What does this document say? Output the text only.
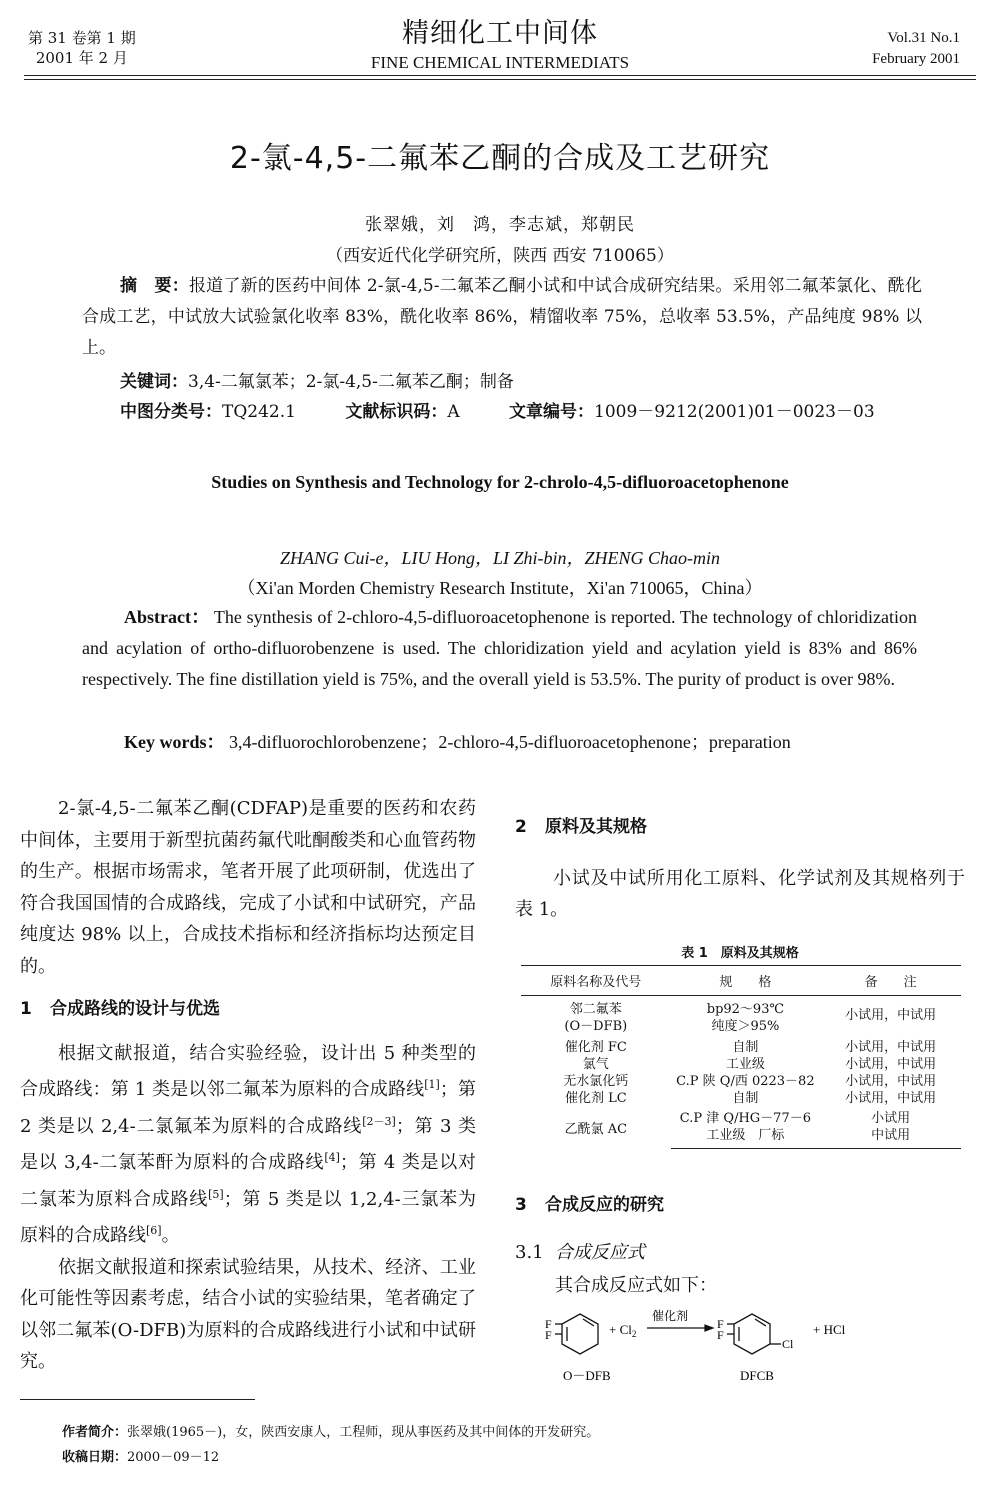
第 31 卷第 1 期
2001 年 2 月
精细化工中间体
FINE CHEMICAL INTERMEDIATS
Vol.31 No.1
February 2001
2-氯-4,5-二氟苯乙酮的合成及工艺研究
张翠娥，刘　鸿，李志斌，郑朝民
（西安近代化学研究所，陕西 西安 710065）
摘　要：报道了新的医药中间体 2-氯-4,5-二氟苯乙酮小试和中试合成研究结果。采用邻二氟苯氯化、酰化合成工艺，中试放大试验氯化收率 83%，酰化收率 86%，精馏收率 75%，总收率 53.5%，产品纯度 98% 以上。
关键词：3,4-二氟氯苯；2-氯-4,5-二氟苯乙酮；制备
中图分类号：TQ242.1	文献标识码：A	文章编号：1009－9212(2001)01－0023－03
Studies on Synthesis and Technology for 2-chrolo-4,5-difluoroacetophenone
ZHANG Cui-e，LIU Hong，LI Zhi-bin，ZHENG Chao-min
（Xi'an Morden Chemistry Research Institute，Xi'an 710065，China）
Abstract： The synthesis of 2-chloro-4,5-difluoroacetophenone is reported. The technology of chloridization and acylation of ortho-difluorobenzene is used. The chloridization yield and acylation yield is 83% and 86% respectively. The fine distillation yield is 75%, and the overall yield is 53.5%. The purity of product is over 98%.
Key words： 3,4-difluorochlorobenzene；2-chloro-4,5-difluoroacetophenone；preparation

2-氯-4,5-二氟苯乙酮(CDFAP)是重要的医药和农药中间体，主要用于新型抗菌药氟代吡酮酸类和心血管药物的生产。根据市场需求，笔者开展了此项研制，优选出了符合我国国情的合成路线，完成了小试和中试研究，产品纯度达 98% 以上，合成技术指标和经济指标均达预定目的。

1 合成路线的设计与优选

根据文献报道，结合实验经验，设计出 5 种类型的合成路线：第 1 类是以邻二氟苯为原料的合成路线[1]；第 2 类是以 2,4-二氯氟苯为原料的合成路线[2－3]；第 3 类是以 3,4-二氯苯酐为原料的合成路线[4]；第 4 类是以对二氯苯为原料合成路线[5]；第 5 类是以 1,2,4-三氯苯为原料的合成路线[6]。

依据文献报道和探索试验结果，从技术、经济、工业化可能性等因素考虑，结合小试的实验结果，笔者确定了以邻二氟苯(O-DFB)为原料的合成路线进行小试和中试研究。

2 原料及其规格

小试及中试所用化工原料、化学试剂及其规格列于表 1。

表 1　原料及其规格
原料名称及代号	规　　格	备　　注
邻二氟苯	bp92～93℃	小试用，中试用
(O－DFB)	纯度＞95%	
催化剂 FC	自制	小试用，中试用
氯气	工业级	小试用，中试用
无水氯化钙	C.P 陕 Q/西 0223－82	小试用，中试用
催化剂 LC	自制	小试用，中试用
乙酰氯 AC	C.P 津 Q/HG－77－6	小试用
	工业级　厂标	中试用
3 合成反应的研究
3.1 合成反应式
其合成反应式如下：
F
F	+ $Cl_2$
催化剂
F
F
Cl
+ HCl
O－DFB	DFCB
作者简介：张翠娥(1965－)，女，陕西安康人，工程师，现从事医药及其中间体的开发研究。
收稿日期：2000－09－12
